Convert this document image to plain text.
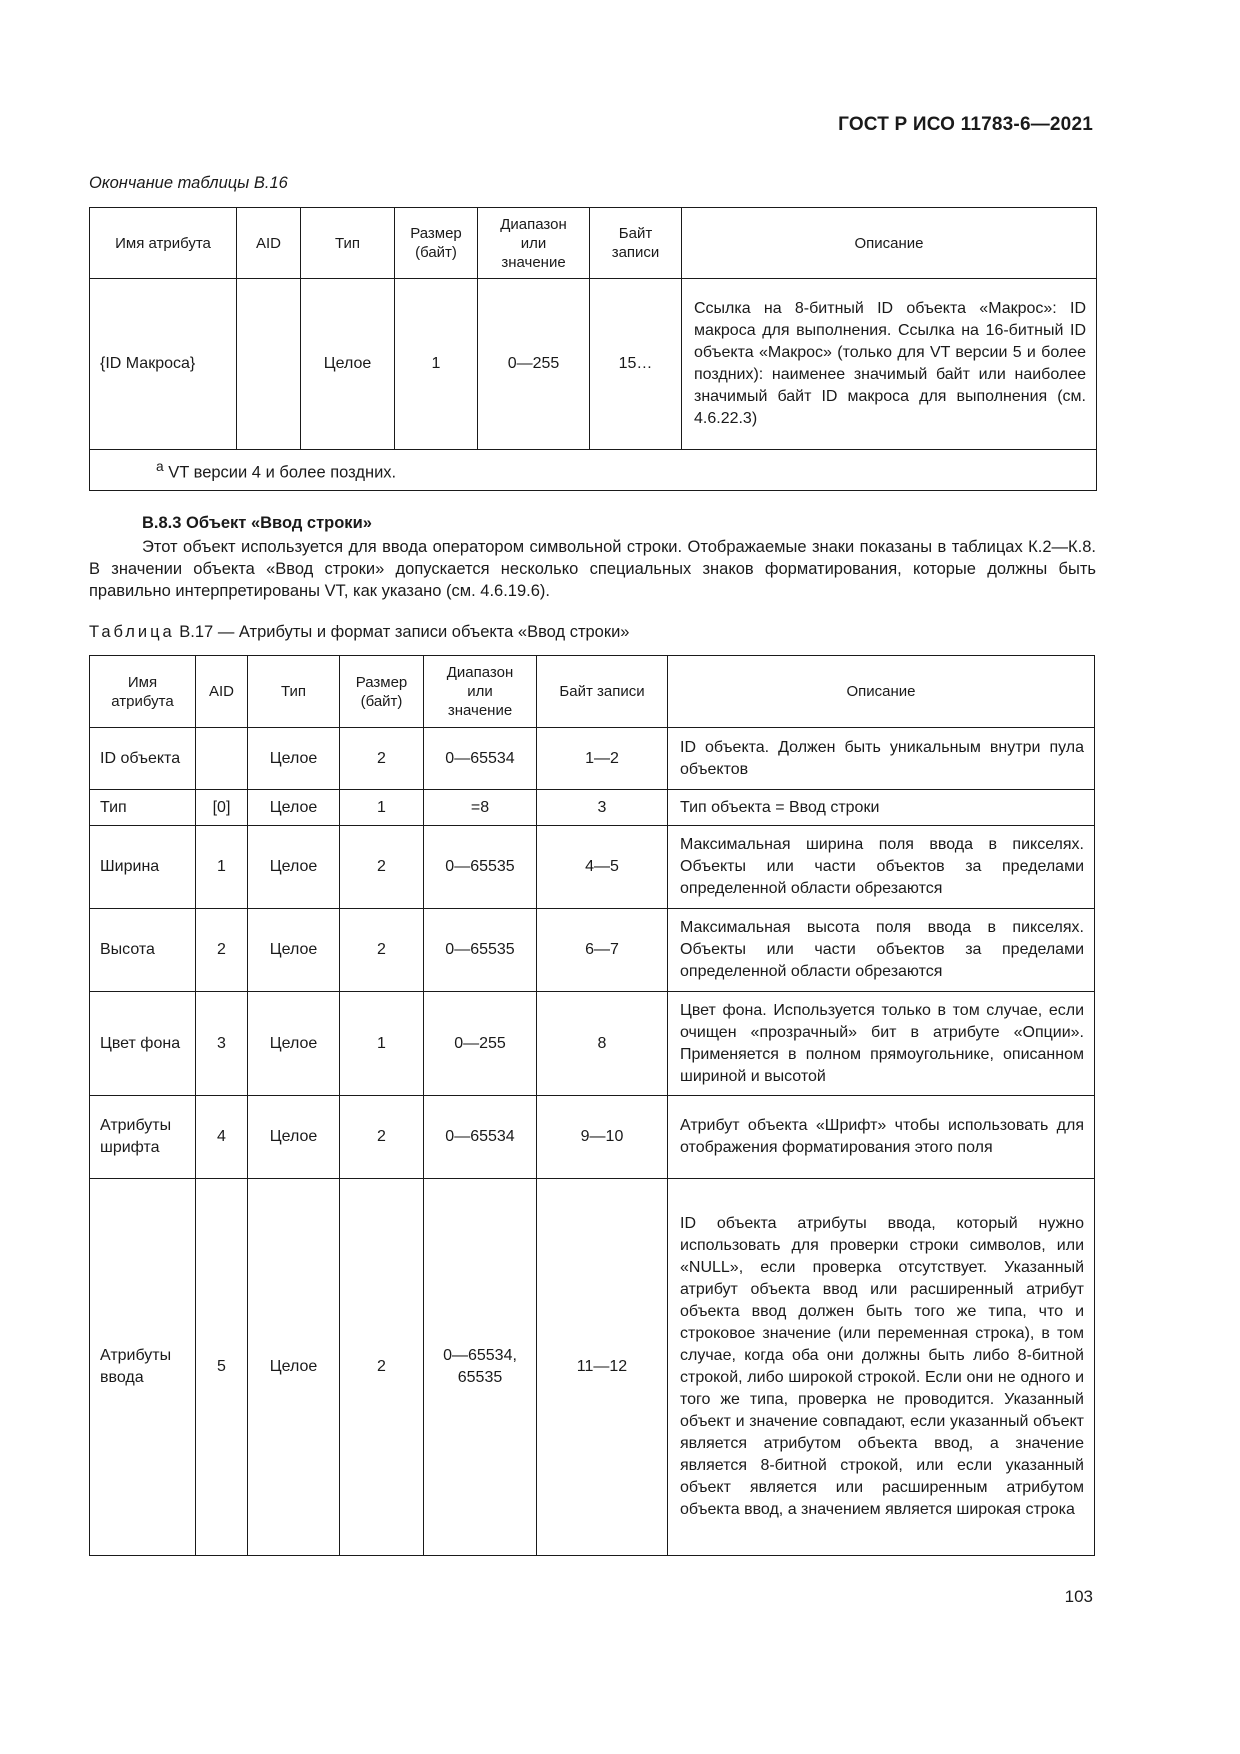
ГОСТ Р ИСО 11783-6—2021
Окончание таблицы В.16
Имя атрибута	AID	Тип	Размер (байт)	Диапазон или значение	Байт записи	Описание
{ID Макроса}		Целое	1	0—255	15…	Ссылка на 8-битный ID объекта «Макрос»: ID макроса для выполнения. Ссылка на 16-битный ID объекта «Макрос» (только для VT версии 5 и более поздних): наименее значимый байт или наиболее значимый байт ID макроса для выполнения (см. 4.6.22.3)
$^а$ VT версии 4 и более поздних.						
В.8.3 Объект «Ввод строки»
Этот объект используется для ввода оператором символьной строки. Отображаемые знаки показаны в таблицах К.2—К.8. В значении объекта «Ввод строки» допускается несколько специальных знаков форматирования, которые должны быть правильно интерпретированы VT, как указано (см. 4.6.19.6).
Таблица В.17 — Атрибуты и формат записи объекта «Ввод строки»
Имя атрибута	AID	Тип	Размер (байт)	Диапазон или значение	Байт записи	Описание
ID объекта		Целое	2	0—65534	1—2	ID объекта. Должен быть уникальным внутри пула объектов
Тип	[0]	Целое	1	=8	3	Тип объекта = Ввод строки
Ширина	1	Целое	2	0—65535	4—5	Максимальная ширина поля ввода в пикселях. Объекты или части объектов за пределами определенной области обрезаются
Высота	2	Целое	2	0—65535	6—7	Максимальная высота поля ввода в пикселях. Объекты или части объектов за пределами определенной области обрезаются
Цвет фона	3	Целое	1	0—255	8	Цвет фона. Используется только в том случае, если очищен «прозрачный» бит в атрибуте «Опции». Применяется в полном прямоугольнике, описанном шириной и высотой
Атрибуты шрифта	4	Целое	2	0—65534	9—10	Атрибут объекта «Шрифт» чтобы использовать для отображения форматирования этого поля
Атрибуты ввода	5	Целое	2	0—65534, 65535	11—12	ID объекта атрибуты ввода, который нужно использовать для проверки строки символов, или «NULL», если проверка отсутствует. Указанный атрибут объекта ввод или расширенный атрибут объекта ввод должен быть того же типа, что и строковое значение (или переменная строка), в том случае, когда оба они должны быть либо 8-битной строкой, либо широкой строкой. Если они не одного и того же типа, проверка не проводится. Указанный объект и значение совпадают, если указанный объект является атрибутом объекта ввод, а значение является 8-битной строкой, или если указанный объект является или расширенным атрибутом объекта ввод, а значением является широкая строка
103
